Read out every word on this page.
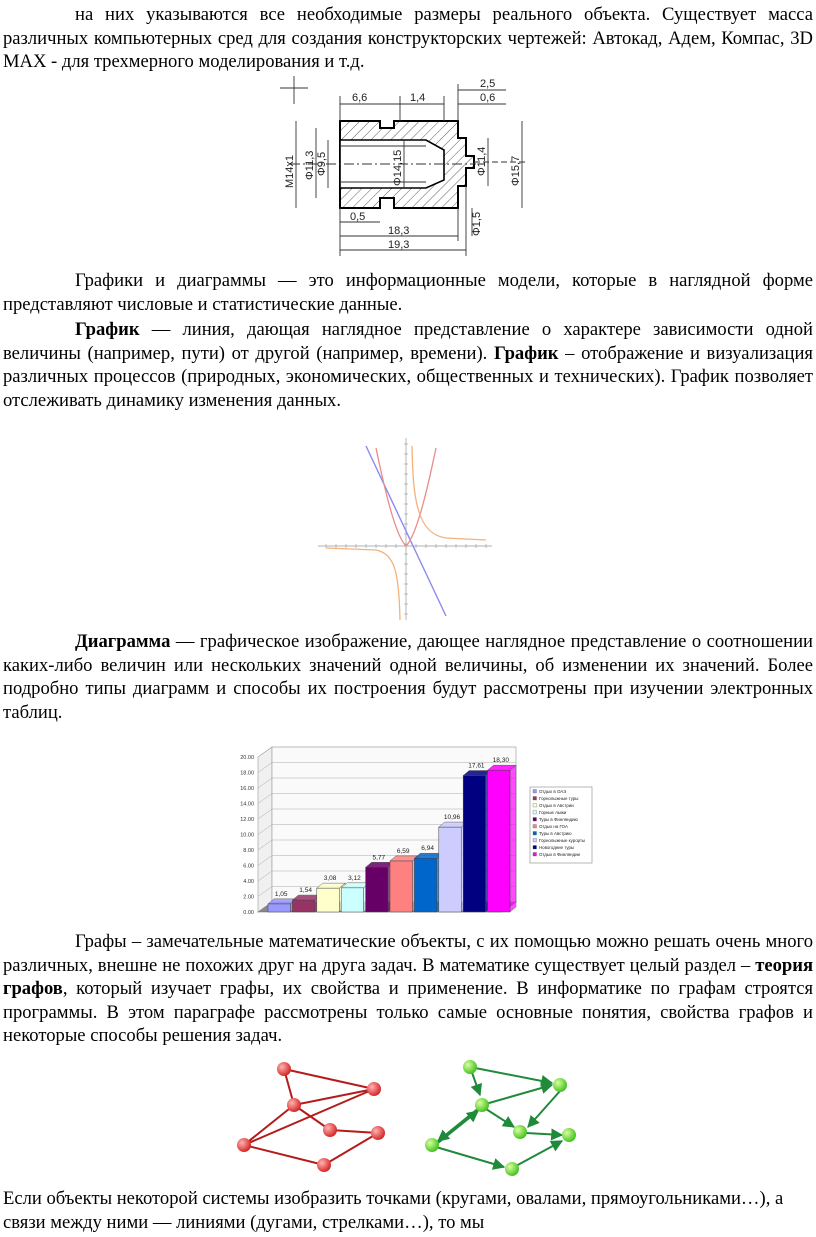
на них указываются все необходимые размеры реального объекта. Существует масса различных компьютерных сред для создания конструкторских чертежей: Автокад, Адем, Компас, 3D MAX - для трехмерного моделирования и т.д.

6,6	1,4
2,5
0,6
0,5
18,3
19,3
М14х1 Φ11,3 Φ9,5	Φ14,15	Φ11,4 Φ15,7
Φ1,5

Графики и диаграммы — это информационные модели, которые в наглядной форме представляют числовые и статистические данные.

График — линия, дающая наглядное представление о характере зависимости одной величины (например, пути) от другой (например, времени). График – отображение и визуализация различных процессов (природных, экономических, общественных и технических). График позволяет отслеживать динамику изменения данных.

Диаграмма — графическое изображение, дающее наглядное представление о соотношении каких-либо величин или нескольких значений одной величины, об изменении их значений. Более подробно типы диаграмм и способы их построения будут рассмотрены при изучении электронных таблиц.

0.00
2.00
4.00
6.00
8.00
10.00
12.00
14.00
16.00
18.00
20.00
1,05
1,54
3,08 3,12
5,77
6,59 6,94
10,96
17,61
18,30
Отдых в ОАЭ
Горнолыжные туры
Отдых в Австрии
Горные лыжи
Туры в Финляндию
Отдых на ГОА
Туры в Австрию
Горнолыжные курорты
Новогодние туры
Отдых в Финляндии

Графы – замечательные математические объекты, с их помощью можно решать очень много различных, внешне не похожих друг на друга задач. В математике существует целый раздел – теория графов, который изучает графы, их свойства и применение. В информатике по графам строятся программы. В этом параграфе рассмотрены только самые основные понятия, свойства графов и некоторые способы решения задач.

Если объекты некоторой системы изобразить точками (кругами, овалами, прямоугольниками…), а связи между ними — линиями (дугами, стрелками…), то мы
